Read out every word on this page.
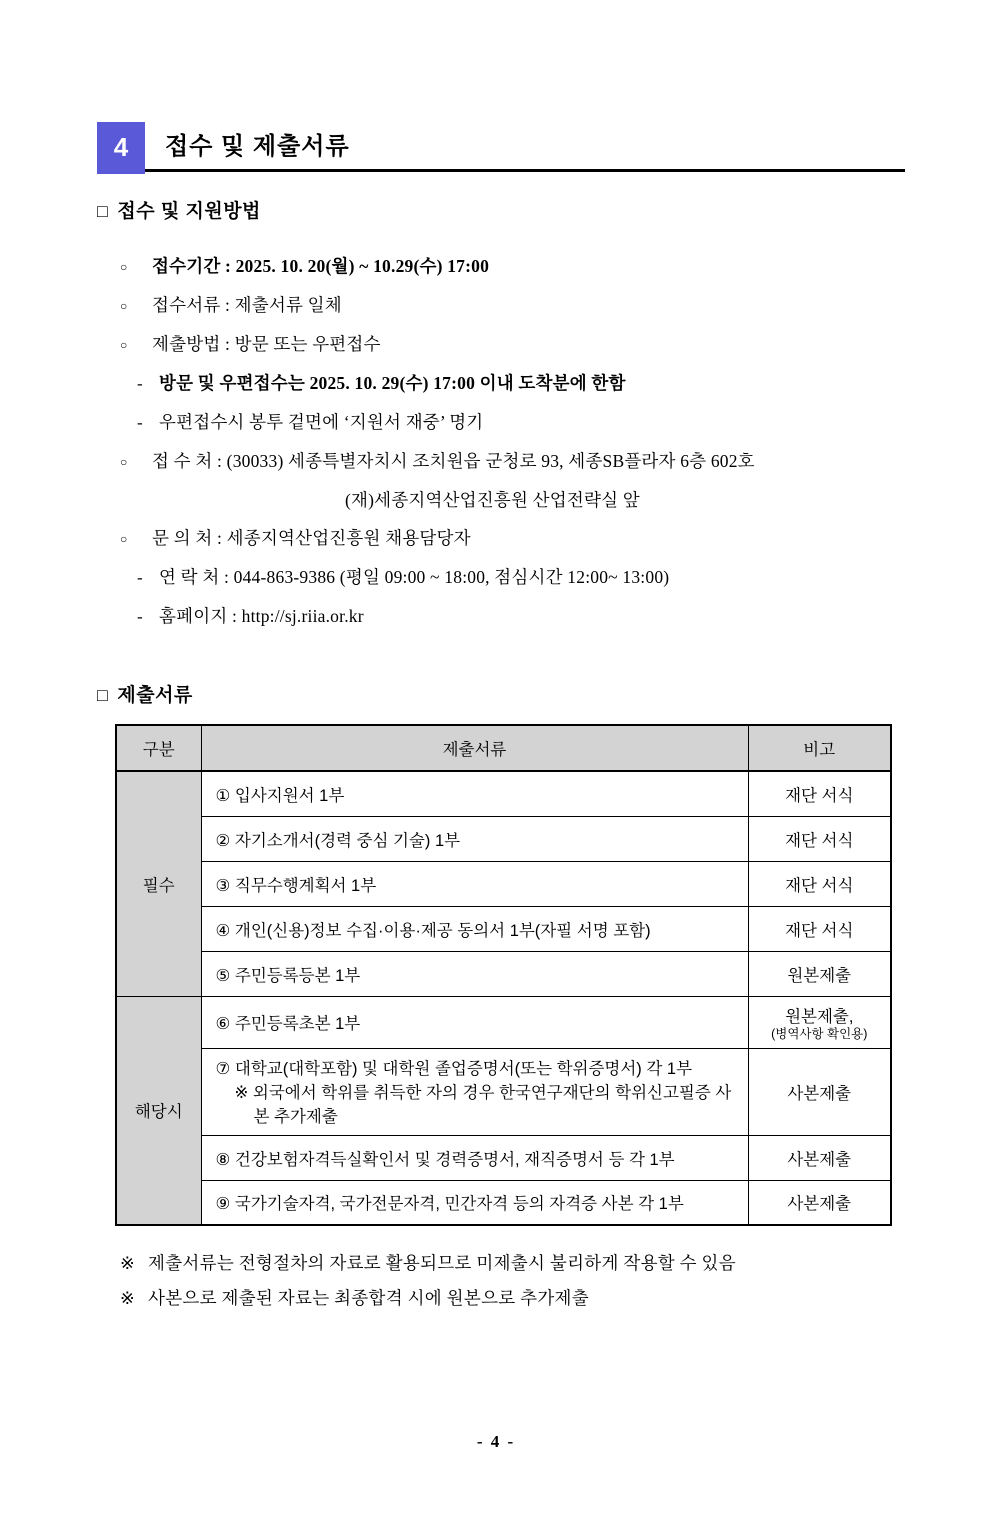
4	접수 및 제출서류
□ 접수 및 지원방법
○ 접수기간 : 2025. 10. 20(월) ~ 10.29(수) 17:00
○ 접수서류 : 제출서류 일체
○ 제출방법 : 방문 또는 우편접수
- 방문 및 우편접수는 2025. 10. 29(수) 17:00 이내 도착분에 한함
- 우편접수시 봉투 겉면에 ‘지원서 재중’ 명기
○ 접 수 처 : (30033) 세종특별자치시 조치원읍 군청로 93, 세종SB플라자 6층 602호
(재)세종지역산업진흥원 산업전략실 앞
○ 문 의 처 : 세종지역산업진흥원 채용담당자
- 연 락 처 : 044-863-9386 (평일 09:00 ~ 18:00, 점심시간 12:00~ 13:00)
- 홈페이지 : http://sj.riia.or.kr
□ 제출서류
구분	제출서류	비고
필수	① 입사지원서 1부	재단 서식
	② 자기소개서(경력 중심 기술) 1부	재단 서식
	③ 직무수행계획서 1부	재단 서식
	④ 개인(신용)정보 수집·이용·제공 동의서 1부(자필 서명 포함)	재단 서식
	⑤ 주민등록등본 1부	원본제출
해당시	⑥ 주민등록초본 1부	원본제출,
(병역사항 확인용)

	⑦ 대학교(대학포함) 및 대학원 졸업증명서(또는 학위증명서) 각 1부
※ 외국에서 학위를 취득한 자의 경우 한국연구재단의 학위신고필증 사본 추가제출	사본제출
	⑧ 건강보험자격득실확인서 및 경력증명서, 재직증명서 등 각 1부	사본제출
	⑨ 국가기술자격, 국가전문자격, 민간자격 등의 자격증 사본 각 1부	사본제출
※ 제출서류는 전형절차의 자료로 활용되므로 미제출시 불리하게 작용할 수 있음
※ 사본으로 제출된 자료는 최종합격 시에 원본으로 추가제출
- 4 -
